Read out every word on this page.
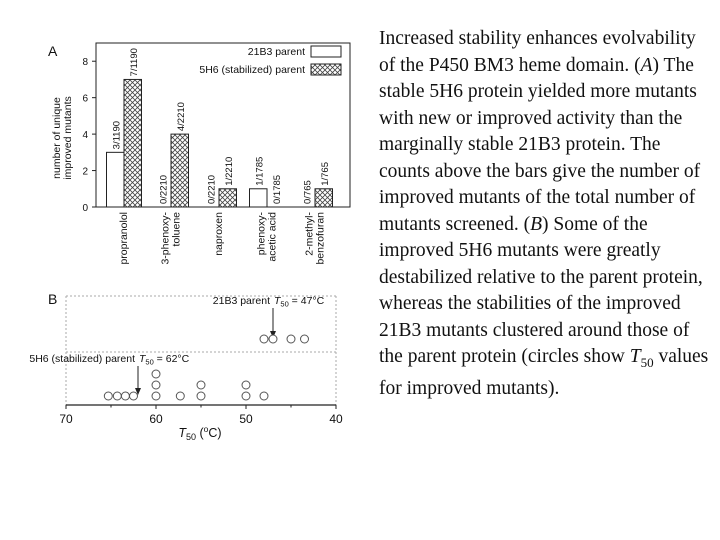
A
number of unique improved mutants
0
2
4
6
8
3/1190
7/1190
propranolol
0/2210
4/2210
3-phenoxy- toluene
0/2210
1/2210
naproxen
1/1785
0/1785
phenoxy- acetic acid
0/765
1/765
2-methyl- benzofuran
21B3 parent
5H6 (stabilized) parent
B
70	60	50	40
$T_{50}$ ($^o$C)
21B3 parent $T_{50} = 47^\circ C$
5H6 (stabilized) parent $T_{50} = 62^\circ C$

Increased stability enhances evolvability of the P450 BM3 heme domain. (A) The stable 5H6 protein yielded more mutants with new or improved activity than the marginally stable 21B3 protein. The counts above the bars give the number of improved mutants of the total number of mutants screened. (B) Some of the improved 5H6 mutants were greatly destabilized relative to the parent protein, whereas the stabilities of the improved 21B3 mutants clustered around those of the parent protein (circles show $T_{50}$ values for improved mutants).
